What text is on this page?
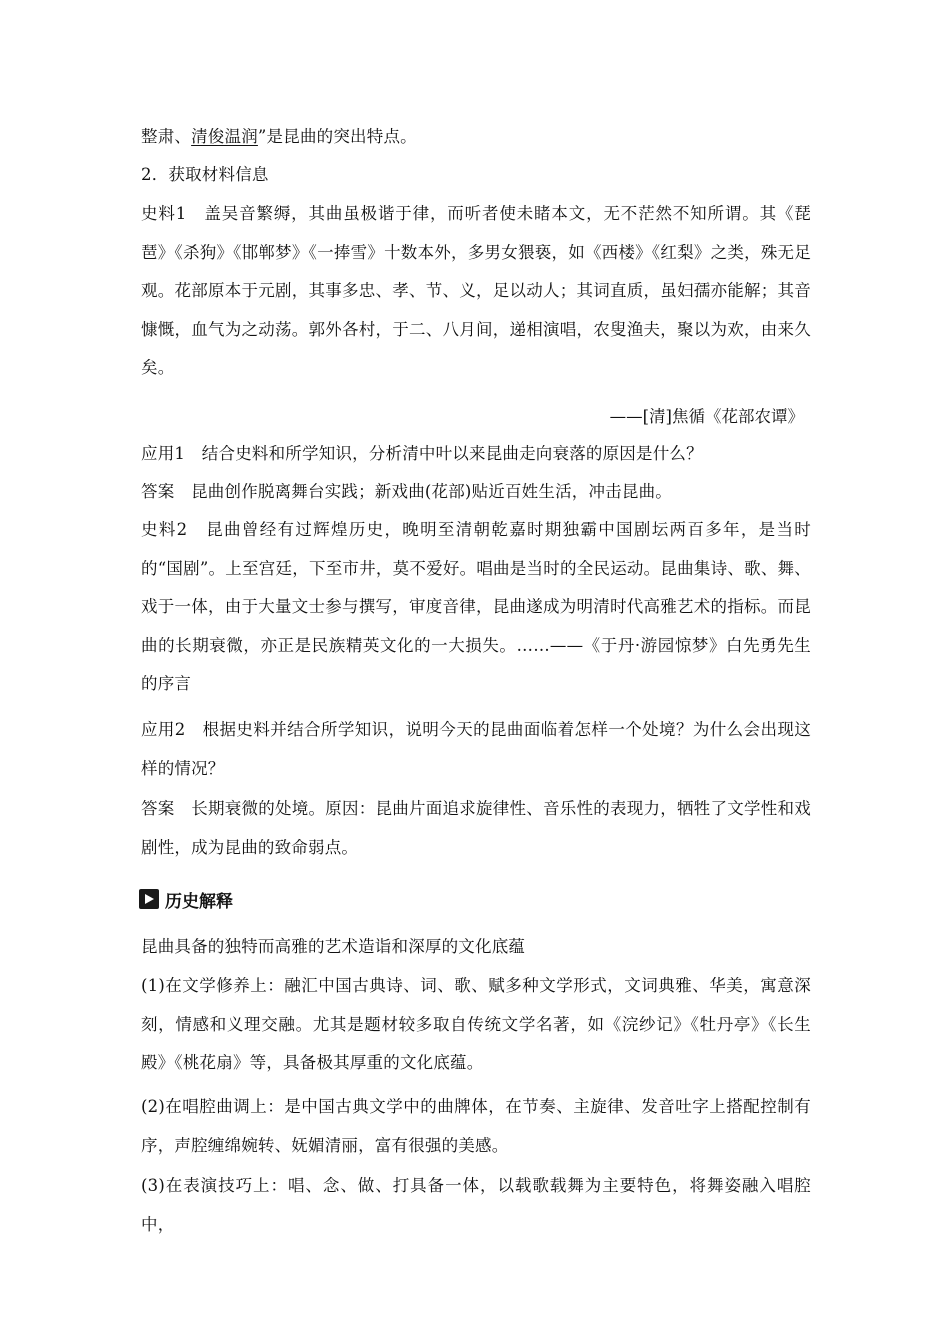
整肃、清俊温润”是昆曲的突出特点。
2．获取材料信息
史料1　盖吴音繁缛，其曲虽极谐于律，而听者使未睹本文，无不茫然不知所谓。其《琵琶》《杀狗》《邯郸梦》《一捧雪》十数本外，多男女猥亵，如《西楼》《红梨》之类，殊无足观。花部原本于元剧，其事多忠、孝、节、义，足以动人；其词直质，虽妇孺亦能解；其音慷慨，血气为之动荡。郭外各村，于二、八月间，递相演唱，农叟渔夫，聚以为欢，由来久矣。
——[清]焦循《花部农谭》
应用1　结合史料和所学知识，分析清中叶以来昆曲走向衰落的原因是什么？
答案　昆曲创作脱离舞台实践；新戏曲(花部)贴近百姓生活，冲击昆曲。
史料2　昆曲曾经有过辉煌历史，晚明至清朝乾嘉时期独霸中国剧坛两百多年，是当时的“国剧”。上至宫廷，下至市井，莫不爱好。唱曲是当时的全民运动。昆曲集诗、歌、舞、戏于一体，由于大量文士参与撰写，审度音律，昆曲遂成为明清时代高雅艺术的指标。而昆曲的长期衰微，亦正是民族精英文化的一大损失。……——《于丹·游园惊梦》白先勇先生的序言
应用2　根据史料并结合所学知识，说明今天的昆曲面临着怎样一个处境？为什么会出现这样的情况？
答案　长期衰微的处境。原因：昆曲片面追求旋律性、音乐性的表现力，牺牲了文学性和戏剧性，成为昆曲的致命弱点。
历史解释
昆曲具备的独特而高雅的艺术造诣和深厚的文化底蕴
(1)在文学修养上：融汇中国古典诗、词、歌、赋多种文学形式，文词典雅、华美，寓意深刻，情感和义理交融。尤其是题材较多取自传统文学名著，如《浣纱记》《牡丹亭》《长生殿》《桃花扇》等，具备极其厚重的文化底蕴。
(2)在唱腔曲调上：是中国古典文学中的曲牌体，在节奏、主旋律、发音吐字上搭配控制有序，声腔缠绵婉转、妩媚清丽，富有很强的美感。
(3)在表演技巧上：唱、念、做、打具备一体，以载歌载舞为主要特色，将舞姿融入唱腔中，
